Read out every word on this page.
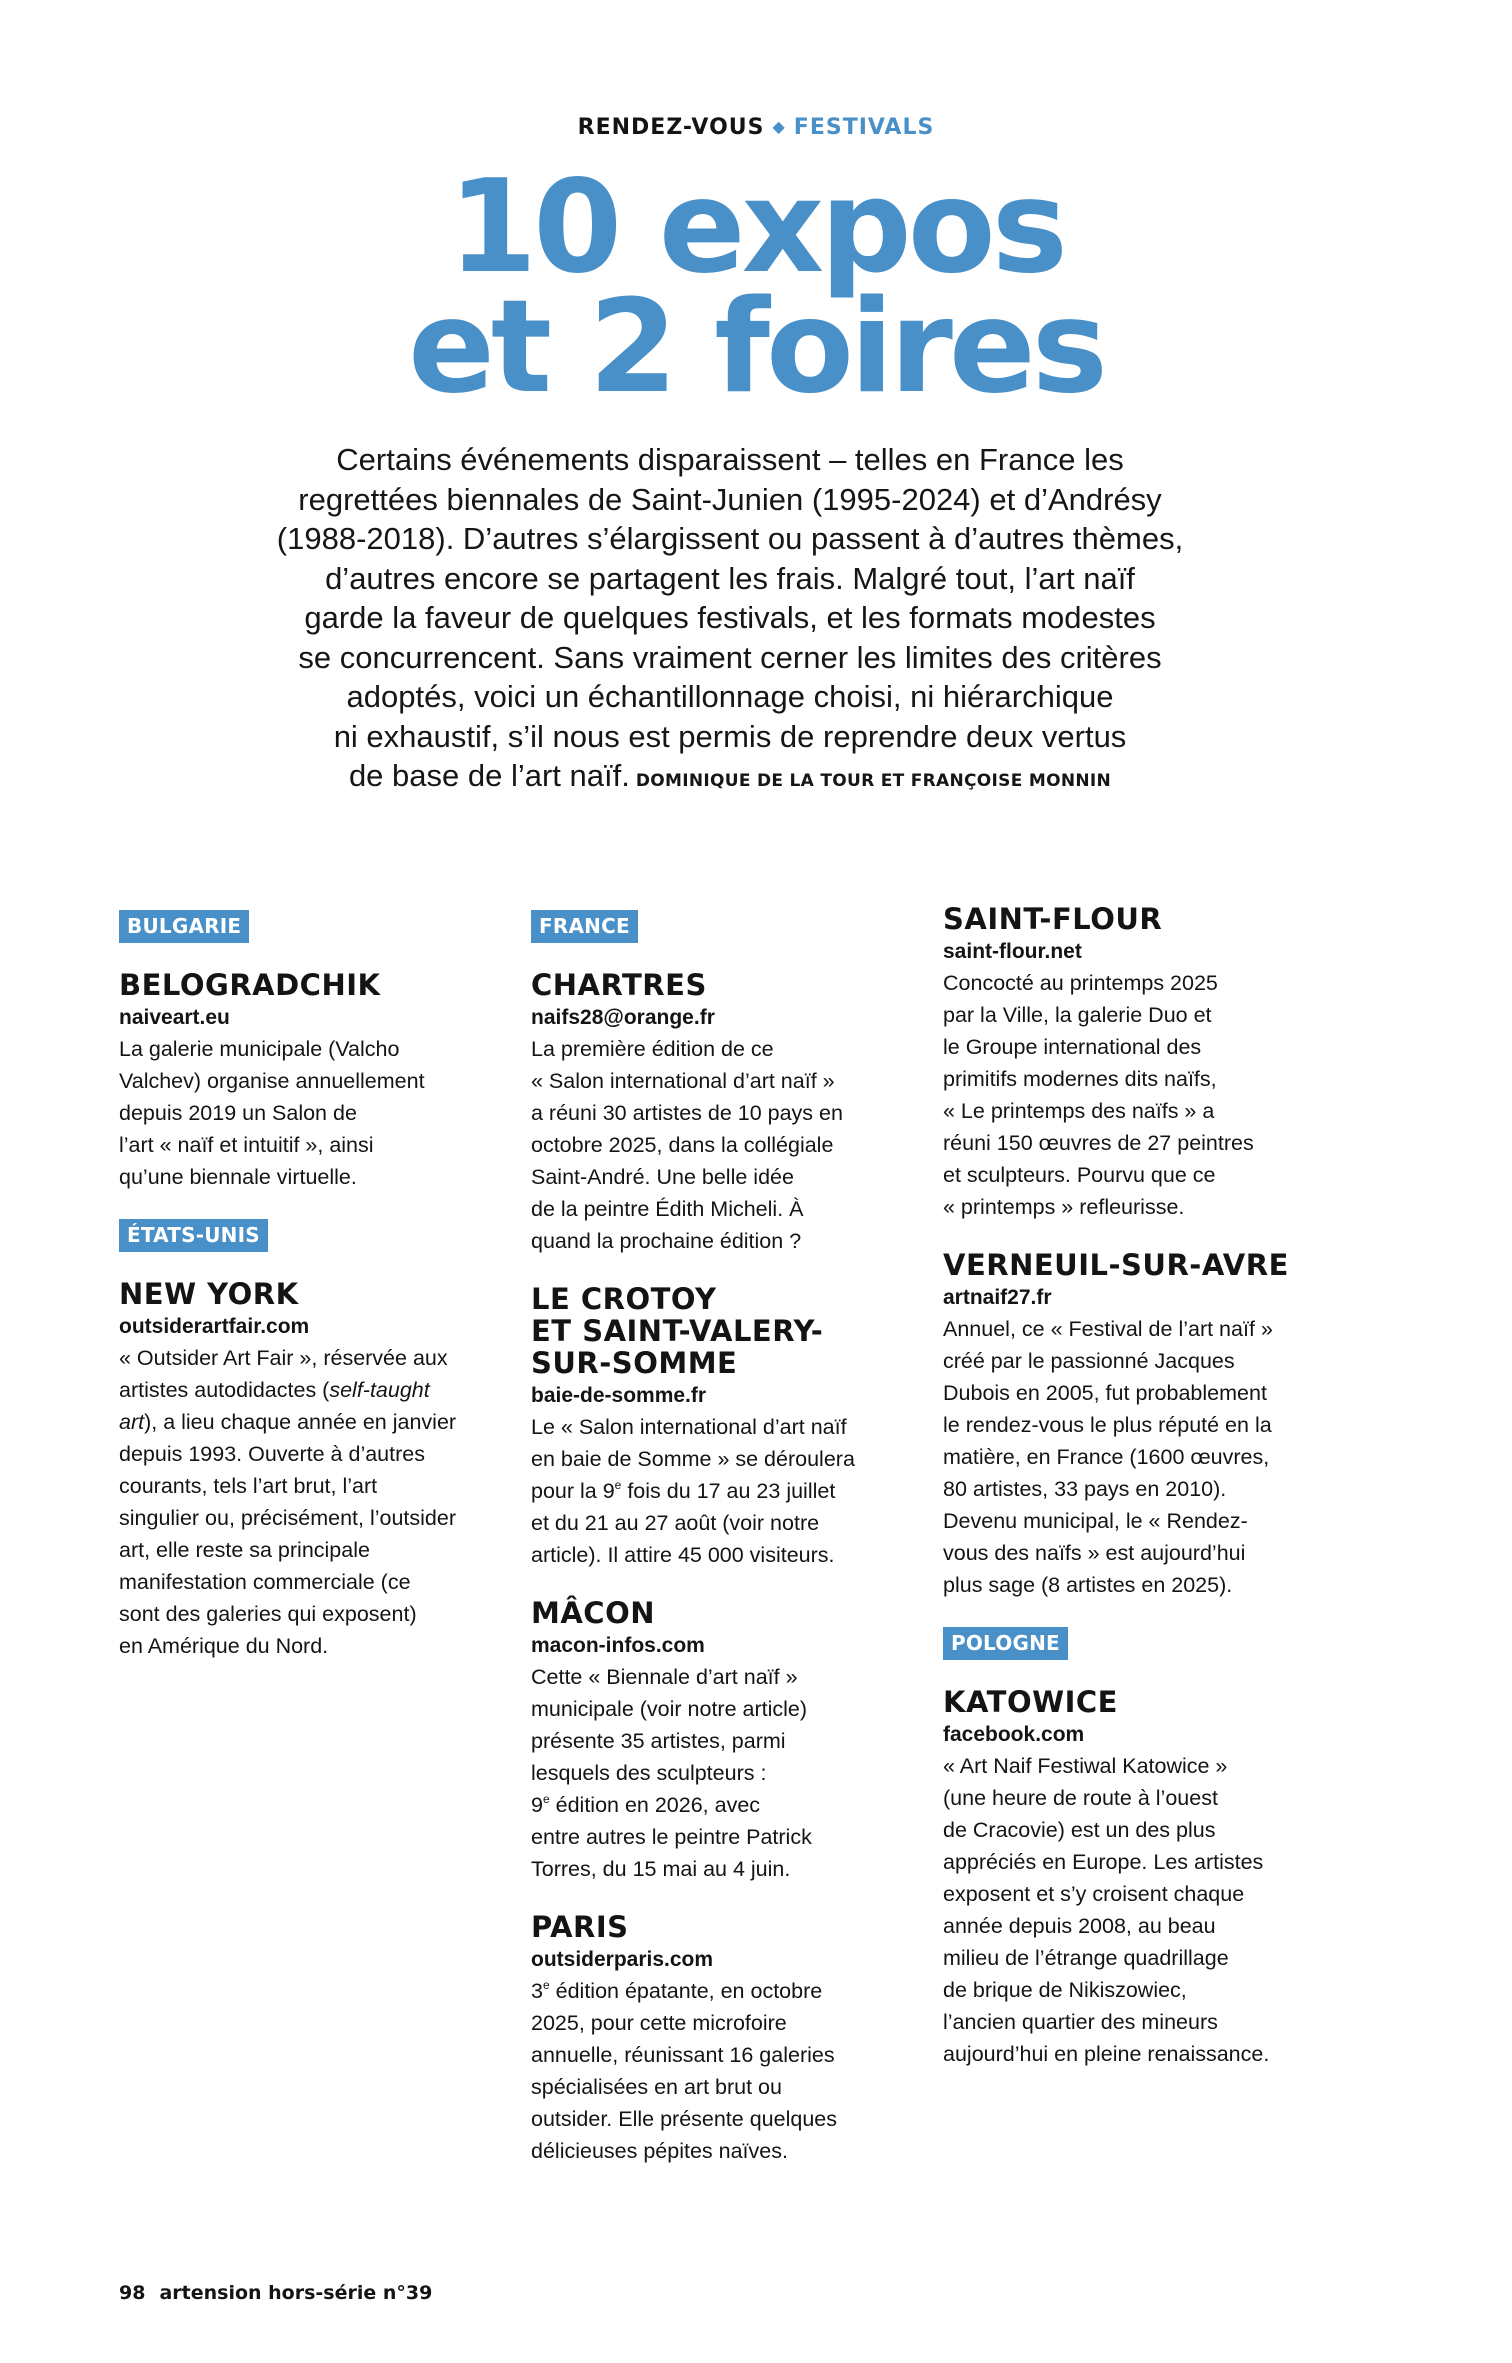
RENDEZ-VOUS ◆ FESTIVALS
10 expos
et 2 foires

Certains événements disparaissent – telles en France les
regrettées biennales de Saint-Junien (1995-2024) et d’Andrésy
(1988-2018). D’autres s’élargissent ou passent à d’autres thèmes,
d’autres encore se partagent les frais. Malgré tout, l’art naïf
garde la faveur de quelques festivals, et les formats modestes
se concurrencent. Sans vraiment cerner les limites des critères
adoptés, voici un échantillonnage choisi, ni hiérarchique
ni exhaustif, s’il nous est permis de reprendre deux vertus
de base de l’art naïf. DOMINIQUE DE LA TOUR ET FRANÇOISE MONNIN

BULGARIE
BELOGRADCHIK
naiveart.eu

La galerie municipale (Valcho
Valchev) organise annuellement
depuis 2019 un Salon de
l’art « naïf et intuitif », ainsi
qu’une biennale virtuelle.

ÉTATS-UNIS
NEW YORK
outsiderartfair.com

« Outsider Art Fair », réservée aux
artistes autodidactes (self-taught
art), a lieu chaque année en janvier
depuis 1993. Ouverte à d’autres
courants, tels l’art brut, l’art
singulier ou, précisément, l’outsider
art, elle reste sa principale
manifestation commerciale (ce
sont des galeries qui exposent)
en Amérique du Nord.

FRANCE
CHARTRES
naifs28@orange.fr

La première édition de ce
« Salon international d’art naïf »
a réuni 30 artistes de 10 pays en
octobre 2025, dans la collégiale
Saint-André. Une belle idée
de la peintre Édith Micheli. À
quand la prochaine édition ?

LE CROTOY
ET SAINT-VALERY-
SUR-SOMME
baie-de-somme.fr

Le « Salon international d’art naïf
en baie de Somme » se déroulera
pour la 9e fois du 17 au 23 juillet
et du 21 au 27 août (voir notre
article). Il attire 45 000 visiteurs.

MÂCON
macon-infos.com

Cette « Biennale d’art naïf »
municipale (voir notre article)
présente 35 artistes, parmi
lesquels des sculpteurs :
9e édition en 2026, avec
entre autres le peintre Patrick
Torres, du 15 mai au 4 juin.

PARIS
outsiderparis.com

3e édition épatante, en octobre
2025, pour cette microfoire
annuelle, réunissant 16 galeries
spécialisées en art brut ou
outsider. Elle présente quelques
délicieuses pépites naïves.

SAINT-FLOUR
saint-flour.net

Concocté au printemps 2025
par la Ville, la galerie Duo et
le Groupe international des
primitifs modernes dits naïfs,
« Le printemps des naïfs » a
réuni 150 œuvres de 27 peintres
et sculpteurs. Pourvu que ce
« printemps » refleurisse.

VERNEUIL-SUR-AVRE
artnaif27.fr

Annuel, ce « Festival de l’art naïf »
créé par le passionné Jacques
Dubois en 2005, fut probablement
le rendez-vous le plus réputé en la
matière, en France (1600 œuvres,
80 artistes, 33 pays en 2010).
Devenu municipal, le « Rendez-
vous des naïfs » est aujourd’hui
plus sage (8 artistes en 2025).

POLOGNE
KATOWICE
facebook.com

« Art Naif Festiwal Katowice »
(une heure de route à l’ouest
de Cracovie) est un des plus
appréciés en Europe. Les artistes
exposent et s’y croisent chaque
année depuis 2008, au beau
milieu de l’étrange quadrillage
de brique de Nikiszowiec,
l’ancien quartier des mineurs
aujourd’hui en pleine renaissance.

98 artension hors-série n°39
